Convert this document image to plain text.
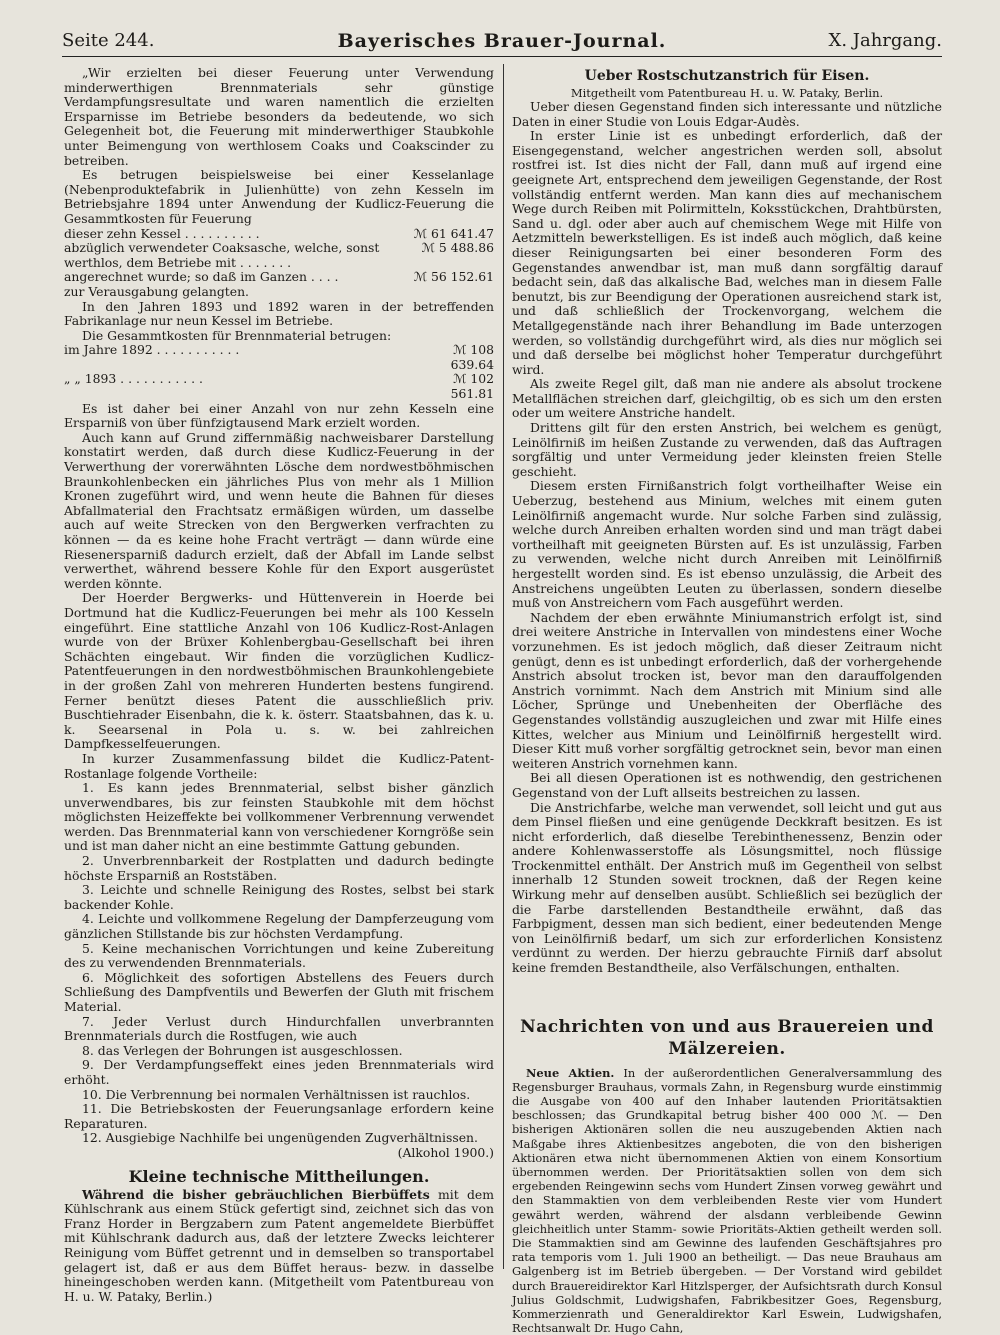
Seite 244.	Bayerisches Brauer-Journal.	X. Jahrgang.

„Wir erzielten bei dieser Feuerung unter Verwendung minderwerthigen Brennmaterials sehr günstige Verdampfungsresultate und waren namentlich die erzielten Ersparnisse im Betriebe besonders da bedeutende, wo sich Gelegenheit bot, die Feuerung mit minderwerthiger Staubkohle unter Beimengung von werthlosem Coaks und Coakscinder zu betreiben.

Es betrugen beispielsweise bei einer Kesselanlage (Nebenproduktefabrik in Julienhütte) von zehn Kesseln im Betriebsjahre 1894 unter Anwendung der Kudlicz-Feuerung die Gesammtkosten für Feuerung

dieser zehn Kessel . . . . . . . . . .	ℳ 61 641.47
abzüglich verwendeter Coaksasche, welche, sonst werthlos, dem Betriebe mit . . . . . . .
ℳ 5 488.86
angerechnet wurde; so daß im Ganzen . . . .	ℳ 56 152.61

zur Verausgabung gelangten.

In den Jahren 1893 und 1892 waren in der betreffenden Fabrikanlage nur neun Kessel im Betriebe.

Die Gesammtkosten für Brennmaterial betrugen:

im Jahre 1892 . . . . . . . . . . .	ℳ 108 639.64
„ „ 1893 . . . . . . . . . . .	ℳ 102 561.81

Es ist daher bei einer Anzahl von nur zehn Kesseln eine Ersparniß von über fünfzigtausend Mark erzielt worden.

Auch kann auf Grund ziffernmäßig nachweisbarer Darstellung konstatirt werden, daß durch diese Kudlicz-Feuerung in der Verwerthung der vorerwähnten Lösche dem nordwestböhmischen Braunkohlenbecken ein jährliches Plus von mehr als 1 Million Kronen zugeführt wird, und wenn heute die Bahnen für dieses Abfallmaterial den Frachtsatz ermäßigen würden, um dasselbe auch auf weite Strecken von den Bergwerken verfrachten zu können — da es keine hohe Fracht verträgt — dann würde eine Riesenersparniß dadurch erzielt, daß der Abfall im Lande selbst verwerthet, während bessere Kohle für den Export ausgerüstet werden könnte.

Der Hoerder Bergwerks- und Hüttenverein in Hoerde bei Dortmund hat die Kudlicz-Feuerungen bei mehr als 100 Kesseln eingeführt. Eine stattliche Anzahl von 106 Kudlicz-Rost-Anlagen wurde von der Brüxer Kohlenbergbau-Gesellschaft bei ihren Schächten eingebaut. Wir finden die vorzüglichen Kudlicz-Patentfeuerungen in den nordwestböhmischen Braunkohlengebiete in der großen Zahl von mehreren Hunderten bestens fungirend. Ferner benützt dieses Patent die ausschließlich priv. Buschtiehrader Eisenbahn, die k. k. österr. Staatsbahnen, das k. u. k. Seearsenal in Pola u. s. w. bei zahlreichen Dampfkesselfeuerungen.

In kurzer Zusammenfassung bildet die Kudlicz-Patent-Rostanlage folgende Vortheile:

1. Es kann jedes Brennmaterial, selbst bisher gänzlich unverwendbares, bis zur feinsten Staubkohle mit dem höchst möglichsten Heizeffekte bei vollkommener Verbrennung verwendet werden. Das Brennmaterial kann von verschiedener Korngröße sein und ist man daher nicht an eine bestimmte Gattung gebunden.

2. Unverbrennbarkeit der Rostplatten und dadurch bedingte höchste Ersparniß an Roststäben.

3. Leichte und schnelle Reinigung des Rostes, selbst bei stark backender Kohle.

4. Leichte und vollkommene Regelung der Dampferzeugung vom gänzlichen Stillstande bis zur höchsten Verdampfung.

5. Keine mechanischen Vorrichtungen und keine Zubereitung des zu verwendenden Brennmaterials.

6. Möglichkeit des sofortigen Abstellens des Feuers durch Schließung des Dampfventils und Bewerfen der Gluth mit frischem Material.

7. Jeder Verlust durch Hindurchfallen unverbrannten Brennmaterials durch die Rostfugen, wie auch

8. das Verlegen der Bohrungen ist ausgeschlossen.

9. Der Verdampfungseffekt eines jeden Brennmaterials wird erhöht.

10. Die Verbrennung bei normalen Verhältnissen ist rauchlos.

11. Die Betriebskosten der Feuerungsanlage erfordern keine Reparaturen.

12. Ausgiebige Nachhilfe bei ungenügenden Zugverhältnissen.

(Alkohol 1900.)

Kleine technische Mittheilungen.

Während die bisher gebräuchlichen Bierbüffets mit dem Kühlschrank aus einem Stück gefertigt sind, zeichnet sich das von Franz Horder in Bergzabern zum Patent angemeldete Bierbüffet mit Kühlschrank dadurch aus, daß der letztere Zwecks leichterer Reinigung vom Büffet getrennt und in demselben so transportabel gelagert ist, daß er aus dem Büffet heraus- bezw. in dasselbe hineingeschoben werden kann. (Mitgetheilt vom Patentbureau von H. u. W. Pataky, Berlin.)

Ueber Rostschutzanstrich für Eisen.
Mitgetheilt vom Patentbureau H. u. W. Pataky, Berlin.

Ueber diesen Gegenstand finden sich interessante und nützliche Daten in einer Studie von Louis Edgar-Audès.

In erster Linie ist es unbedingt erforderlich, daß der Eisengegenstand, welcher angestrichen werden soll, absolut rostfrei ist. Ist dies nicht der Fall, dann muß auf irgend eine geeignete Art, entsprechend dem jeweiligen Gegenstande, der Rost vollständig entfernt werden. Man kann dies auf mechanischem Wege durch Reiben mit Polirmitteln, Koksstückchen, Drahtbürsten, Sand u. dgl. oder aber auch auf chemischem Wege mit Hilfe von Aetzmitteln bewerkstelligen. Es ist indeß auch möglich, daß keine dieser Reinigungsarten bei einer besonderen Form des Gegenstandes anwendbar ist, man muß dann sorgfältig darauf bedacht sein, daß das alkalische Bad, welches man in diesem Falle benutzt, bis zur Beendigung der Operationen ausreichend stark ist, und daß schließlich der Trockenvorgang, welchem die Metallgegenstände nach ihrer Behandlung im Bade unterzogen werden, so vollständig durchgeführt wird, als dies nur möglich sei und daß derselbe bei möglichst hoher Temperatur durchgeführt wird.

Als zweite Regel gilt, daß man nie andere als absolut trockene Metallflächen streichen darf, gleichgiltig, ob es sich um den ersten oder um weitere Anstriche handelt.

Drittens gilt für den ersten Anstrich, bei welchem es genügt, Leinölfirniß im heißen Zustande zu verwenden, daß das Auftragen sorgfältig und unter Vermeidung jeder kleinsten freien Stelle geschieht.

Diesem ersten Firnißanstrich folgt vortheilhafter Weise ein Ueberzug, bestehend aus Minium, welches mit einem guten Leinölfirniß angemacht wurde. Nur solche Farben sind zulässig, welche durch Anreiben erhalten worden sind und man trägt dabei vortheilhaft mit geeigneten Bürsten auf. Es ist unzulässig, Farben zu verwenden, welche nicht durch Anreiben mit Leinölfirniß hergestellt worden sind. Es ist ebenso unzulässig, die Arbeit des Anstreichens ungeübten Leuten zu überlassen, sondern dieselbe muß von Anstreichern vom Fach ausgeführt werden.

Nachdem der eben erwähnte Miniumanstrich erfolgt ist, sind drei weitere Anstriche in Intervallen von mindestens einer Woche vorzunehmen. Es ist jedoch möglich, daß dieser Zeitraum nicht genügt, denn es ist unbedingt erforderlich, daß der vorhergehende Anstrich absolut trocken ist, bevor man den darauffolgenden Anstrich vornimmt. Nach dem Anstrich mit Minium sind alle Löcher, Sprünge und Unebenheiten der Oberfläche des Gegenstandes vollständig auszugleichen und zwar mit Hilfe eines Kittes, welcher aus Minium und Leinölfirniß hergestellt wird. Dieser Kitt muß vorher sorgfältig getrocknet sein, bevor man einen weiteren Anstrich vornehmen kann.

Bei all diesen Operationen ist es nothwendig, den gestrichenen Gegenstand von der Luft allseits bestreichen zu lassen.

Die Anstrichfarbe, welche man verwendet, soll leicht und gut aus dem Pinsel fließen und eine genügende Deckkraft besitzen. Es ist nicht erforderlich, daß dieselbe Terebinthenessenz, Benzin oder andere Kohlenwasserstoffe als Lösungsmittel, noch flüssige Trockenmittel enthält. Der Anstrich muß im Gegentheil von selbst innerhalb 12 Stunden soweit trocknen, daß der Regen keine Wirkung mehr auf denselben ausübt. Schließlich sei bezüglich der die Farbe darstellenden Bestandtheile erwähnt, daß das Farbpigment, dessen man sich bedient, einer bedeutenden Menge von Leinölfirniß bedarf, um sich zur erforderlichen Konsistenz verdünnt zu werden. Der hierzu gebrauchte Firniß darf absolut keine fremden Bestandtheile, also Verfälschungen, enthalten.

Nachrichten von und aus Brauereien und Mälzereien.

Neue Aktien. In der außerordentlichen Generalversammlung des Regensburger Brauhaus, vormals Zahn, in Regensburg wurde einstimmig die Ausgabe von 400 auf den Inhaber lautenden Prioritätsaktien beschlossen; das Grundkapital betrug bisher 400 000 ℳ. — Den bisherigen Aktionären sollen die neu auszugebenden Aktien nach Maßgabe ihres Aktienbesitzes angeboten, die von den bisherigen Aktionären etwa nicht übernommenen Aktien von einem Konsortium übernommen werden. Der Prioritätsaktien sollen von dem sich ergebenden Reingewinn sechs vom Hundert Zinsen vorweg gewährt und den Stammaktien von dem verbleibenden Reste vier vom Hundert gewährt werden, während der alsdann verbleibende Gewinn gleichheitlich unter Stamm- sowie Prioritäts-Aktien getheilt werden soll. Die Stammaktien sind am Gewinne des laufenden Geschäftsjahres pro rata temporis vom 1. Juli 1900 an betheiligt. — Das neue Brauhaus am Galgenberg ist im Betrieb übergeben. — Der Vorstand wird gebildet durch Brauereidirektor Karl Hitzlsperger, der Aufsichtsrath durch Konsul Julius Goldschmit, Ludwigshafen, Fabrikbesitzer Goes, Regensburg, Kommerzienrath und Generaldirektor Karl Eswein, Ludwigshafen, Rechtsanwalt Dr. Hugo Cahn,
